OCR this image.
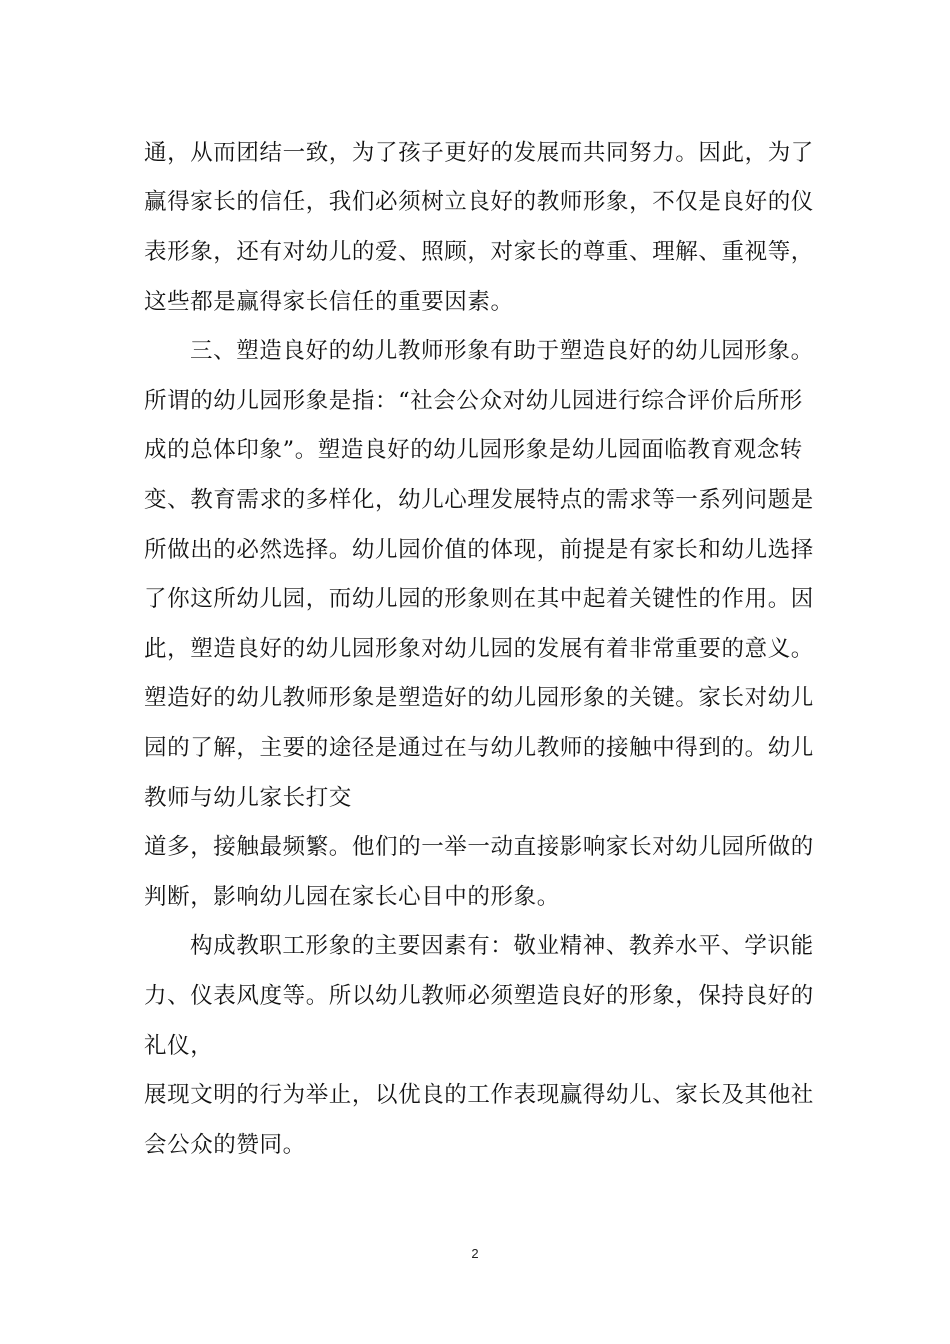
通，从而团结一致，为了孩子更好的发展而共同努力。因此，为了
赢得家长的信任，我们必须树立良好的教师形象，不仅是良好的仪
表形象，还有对幼儿的爱、照顾，对家长的尊重、理解、重视等，
这些都是赢得家长信任的重要因素。
三、塑造良好的幼儿教师形象有助于塑造良好的幼儿园形象。
所谓的幼儿园形象是指：“社会公众对幼儿园进行综合评价后所形
成的总体印象”。塑造良好的幼儿园形象是幼儿园面临教育观念转
变、教育需求的多样化，幼儿心理发展特点的需求等一系列问题是
所做出的必然选择。幼儿园价值的体现，前提是有家长和幼儿选择
了你这所幼儿园，而幼儿园的形象则在其中起着关键性的作用。因
此，塑造良好的幼儿园形象对幼儿园的发展有着非常重要的意义。
塑造好的幼儿教师形象是塑造好的幼儿园形象的关键。家长对幼儿
园的了解，主要的途径是通过在与幼儿教师的接触中得到的。幼儿
教师与幼儿家长打交
道多，接触最频繁。他们的一举一动直接影响家长对幼儿园所做的
判断，影响幼儿园在家长心目中的形象。
构成教职工形象的主要因素有：敬业精神、教养水平、学识能
力、仪表风度等。所以幼儿教师必须塑造良好的形象，保持良好的
礼仪，
展现文明的行为举止，以优良的工作表现赢得幼儿、家长及其他社
会公众的赞同。
2
